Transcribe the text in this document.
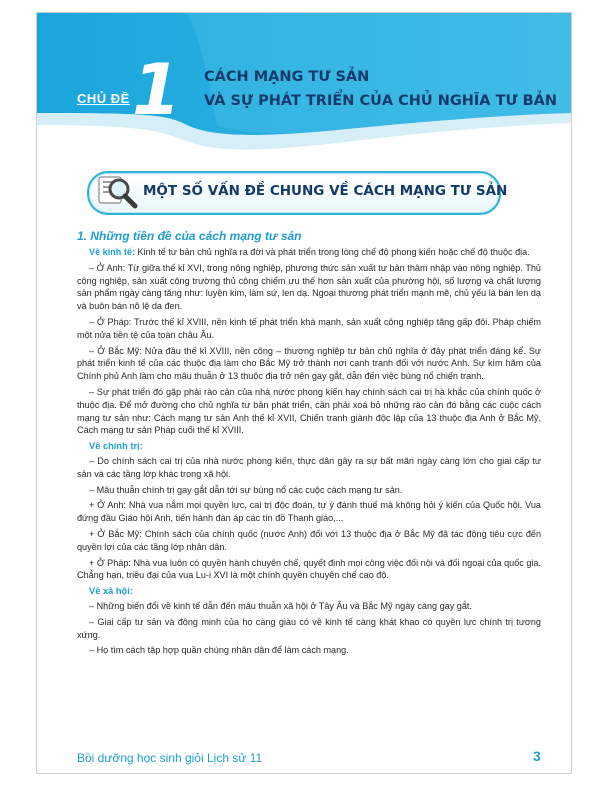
CHỦ ĐỀ 1 CÁCH MẠNG TƯ SẢN
VÀ SỰ PHÁT TRIỂN CỦA CHỦ NGHĨA TƯ BẢN
MỘT SỐ VẤN ĐỀ CHUNG VỀ CÁCH MẠNG TƯ SẢN
1. Những tiền đề của cách mạng tư sản

Về kinh tế: Kinh tế tư bản chủ nghĩa ra đời và phát triển trong lòng chế độ phong kiến hoặc chế độ thuộc địa.

– Ở Anh: Từ giữa thế kỉ XVI, trong nông nghiệp, phương thức sản xuất tư bản thâm nhập vào nông nghiệp. Thủ công nghiệp, sản xuất công trường thủ công chiếm ưu thế hơn sản xuất của phường hội, số lượng và chất lượng sản phẩm ngày càng tăng như: luyện kim, làm sứ, len dạ. Ngoại thương phát triển mạnh mẽ, chủ yếu là bán len dạ và buôn bán nô lệ da đen.

– Ở Pháp: Trước thế kỉ XVIII, nền kinh tế phát triển khá mạnh, sản xuất công nghiệp tăng gấp đôi. Pháp chiếm một nửa tiền tệ của toàn châu Âu.

– Ở Bắc Mỹ: Nửa đầu thế kỉ XVIII, nền công – thương nghiệp tư bản chủ nghĩa ở đây phát triển đáng kể. Sự phát triển kinh tế của các thuộc địa làm cho Bắc Mỹ trở thành nơi cạnh tranh đối với nước Anh. Sự kìm hãm của Chính phủ Anh làm cho mâu thuẫn ở 13 thuộc địa trở nên gay gắt, dẫn đến việc bùng nổ chiến tranh.

– Sự phát triển đó gặp phải rào cản của nhà nước phong kiến hay chính sách cai trị hà khắc của chính quốc ở thuộc địa. Để mở đường cho chủ nghĩa tư bản phát triển, cần phải xoá bỏ những rào cản đó bằng các cuộc cách mạng tư sản như: Cách mạng tư sản Anh thế kỉ XVII, Chiến tranh giành độc lập của 13 thuộc địa Anh ở Bắc Mỹ, Cách mạng tư sản Pháp cuối thế kỉ XVIII.

Về chính trị:

– Do chính sách cai trị của nhà nước phong kiến, thực dân gây ra sự bất mãn ngày càng lớn cho giai cấp tư sản và các tầng lớp khác trong xã hội.

– Mâu thuẫn chính trị gay gắt dẫn tới sự bùng nổ các cuộc cách mạng tư sản.

+ Ở Anh: Nhà vua nắm mọi quyền lực, cai trị độc đoán, tự ý đánh thuế mà không hỏi ý kiến của Quốc hội. Vua đứng đầu Giáo hội Anh, tiến hành đàn áp các tín đồ Thanh giáo,...

+ Ở Bắc Mỹ: Chính sách của chính quốc (nước Anh) đối với 13 thuộc địa ở Bắc Mỹ đã tác động tiêu cực đến quyền lợi của các tầng lớp nhân dân.

+ Ở Pháp: Nhà vua luôn có quyền hành chuyên chế, quyết định mọi công việc đối nội và đối ngoại của quốc gia. Chẳng hạn, triều đại của vua Lu-i XVI là một chính quyền chuyên chế cao độ.

Về xã hội:

– Những biến đổi về kinh tế dẫn đến mâu thuẫn xã hội ở Tây Âu và Bắc Mỹ ngày càng gay gắt.

– Giai cấp tư sản và đông minh của họ càng giàu có về kinh tế càng khát khao có quyền lực chính trị tương xứng.

– Họ tìm cách tập hợp quần chúng nhân dân để làm cách mạng.

Bồi dưỡng học sinh giỏi Lịch sử 11	3
